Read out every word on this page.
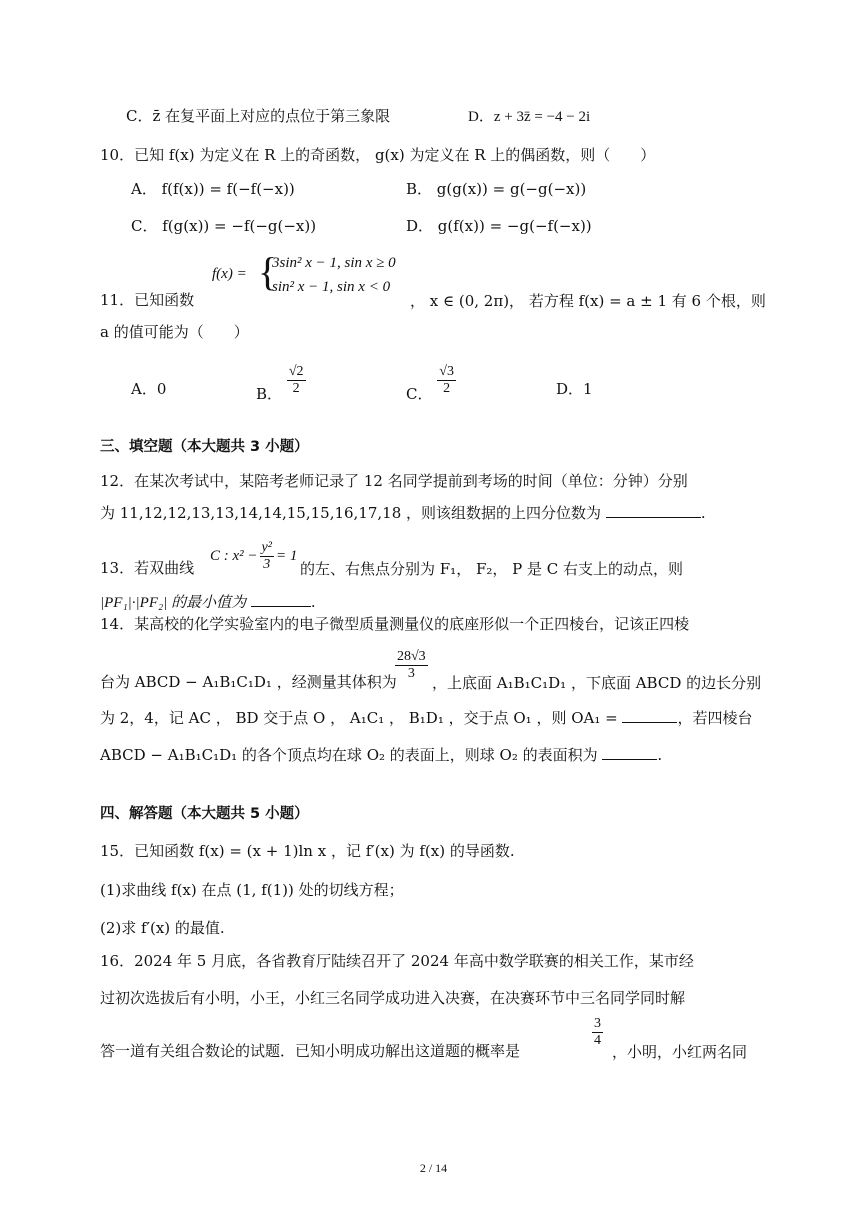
C．z̄ 在复平面上对应的点位于第三象限	D．z + 3z̄ = −4 − 2i
10．已知 f(x) 为定义在 R 上的奇函数， g(x) 为定义在 R 上的偶函数，则（　　）
A． f(f(x)) = f(−f(−x))	B． g(g(x)) = g(−g(−x))
C． f(g(x)) = −f(−g(−x))	D． g(f(x)) = −g(−f(−x))
11．已知函数
f(x) = {
3sin² x − 1, sin x ≥ 0
sin² x − 1, sin x < 0
， x ∈ (0, 2π)， 若方程 f(x) = a ± 1 有 6 个根，则
a 的值可能为（　　）
A．0	B． $\frac{√2}{2}$	C． $\frac{√3}{2}$	D．1
三、填空题（本大题共 3 小题）
12．在某次考试中，某陪考老师记录了 12 名同学提前到考场的时间（单位：分钟）分别
为 11,12,12,13,13,14,14,15,15,16,17,18 ，则该组数据的上四分位数为	.
13．若双曲线
C : $x^2 - \frac{\text{y²}}{3} = 1$
的左、右焦点分别为 F₁， F₂， P 是 C 右支上的动点，则
|PF₁|·|PF₂| 的最小值为	.
14．某高校的化学实验室内的电子微型质量测量仪的底座形似一个正四棱台，记该正四棱
台为 ABCD − A₁B₁C₁D₁ ，经测量其体积为
$\frac{28√3}{3}$
，上底面 A₁B₁C₁D₁ ，下底面 ABCD 的边长分别
为 2，4，记 AC ， BD 交于点 O ， A₁C₁ ， B₁D₁ ，交于点 O₁ ，则 OA₁ =	，若四棱台
ABCD − A₁B₁C₁D₁ 的各个顶点均在球 O₂ 的表面上，则球 O₂ 的表面积为	.
四、解答题（本大题共 5 小题）
15．已知函数 f(x) = (x + 1)ln x ，记 f′(x) 为 f(x) 的导函数.
(1)求曲线 f(x) 在点 (1, f(1)) 处的切线方程；
(2)求 f′(x) 的最值.
16．2024 年 5 月底，各省教育厅陆续召开了 2024 年高中数学联赛的相关工作，某市经
过初次选拔后有小明，小王，小红三名同学成功进入决赛，在决赛环节中三名同学同时解
答一道有关组合数论的试题．已知小明成功解出这道题的概率是
$\frac{3}{4}$
，小明，小红两名同
2 / 14
